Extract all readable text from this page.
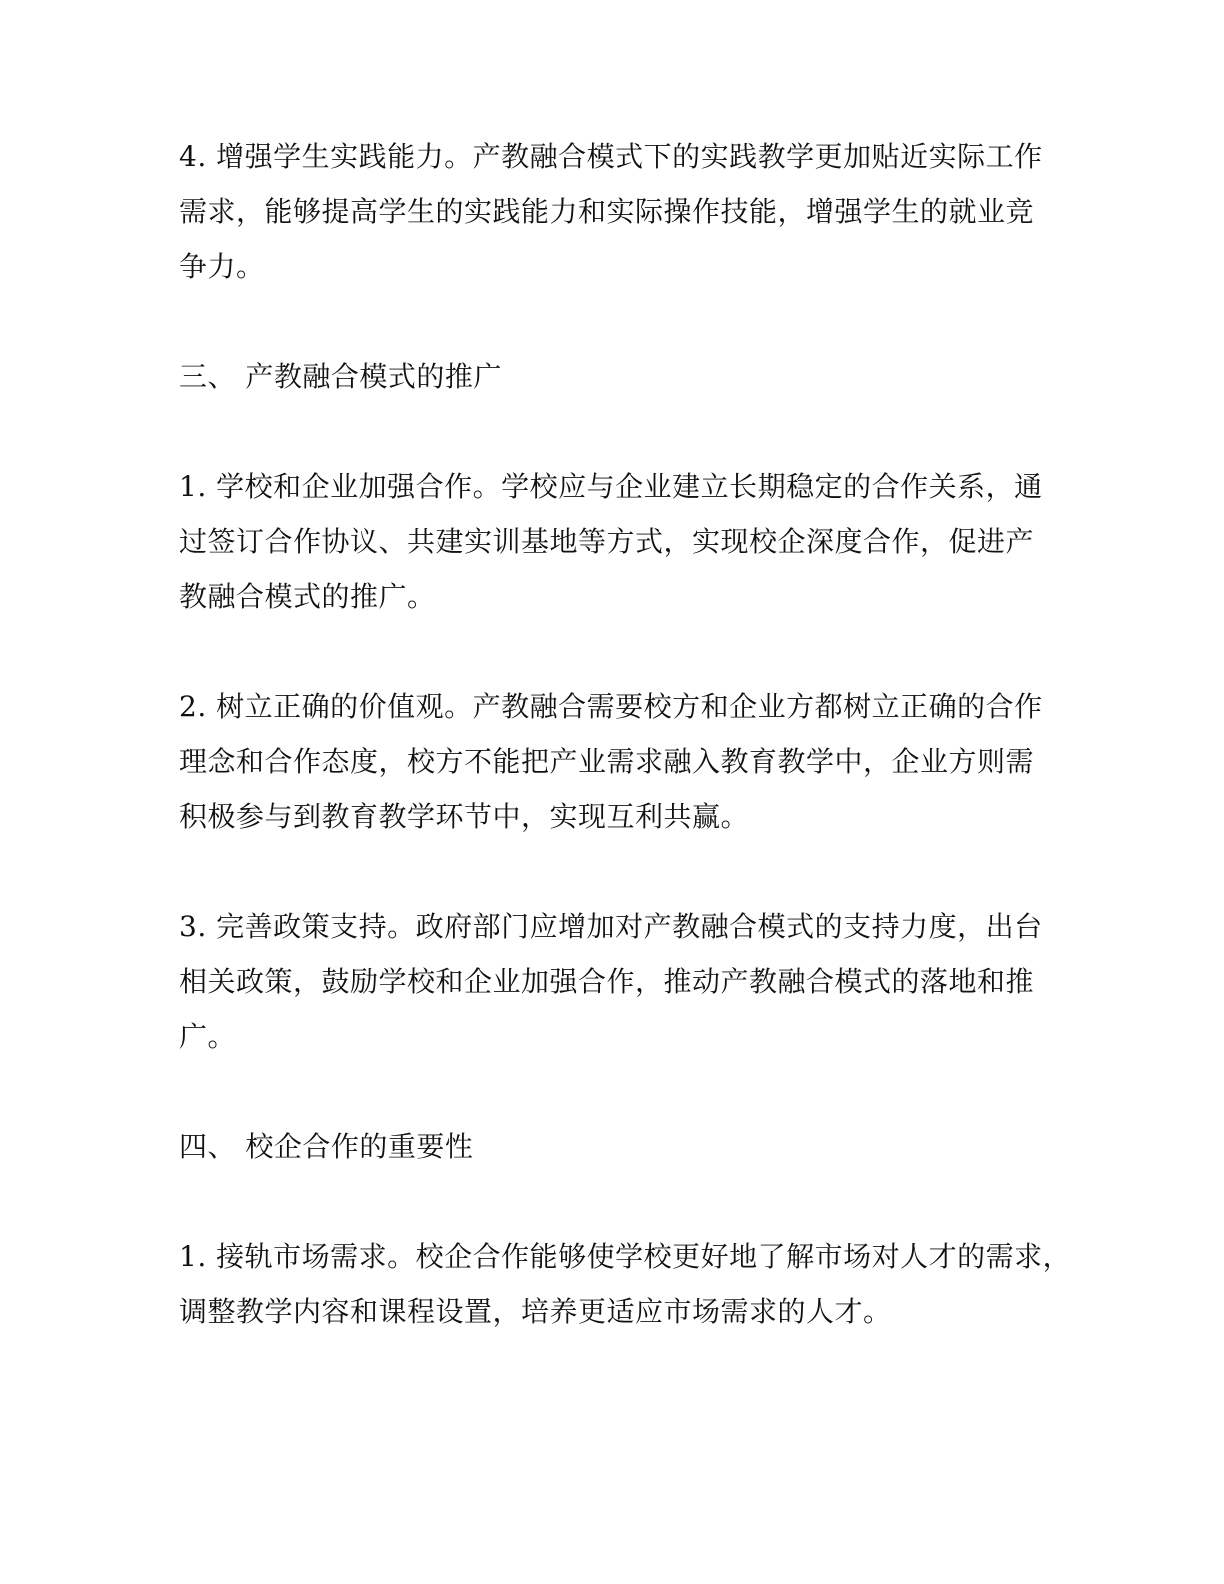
4. 增强学生实践能力。产教融合模式下的实践教学更加贴近实际工作
需求，能够提高学生的实践能力和实际操作技能，增强学生的就业竞
争力。
三、 产教融合模式的推广
1. 学校和企业加强合作。学校应与企业建立长期稳定的合作关系，通
过签订合作协议、共建实训基地等方式，实现校企深度合作，促进产
教融合模式的推广。
2. 树立正确的价值观。产教融合需要校方和企业方都树立正确的合作
理念和合作态度，校方不能把产业需求融入教育教学中，企业方则需
积极参与到教育教学环节中，实现互利共赢。
3. 完善政策支持。政府部门应增加对产教融合模式的支持力度，出台
相关政策，鼓励学校和企业加强合作，推动产教融合模式的落地和推
广。
四、 校企合作的重要性
1. 接轨市场需求。校企合作能够使学校更好地了解市场对人才的需求，
调整教学内容和课程设置，培养更适应市场需求的人才。
